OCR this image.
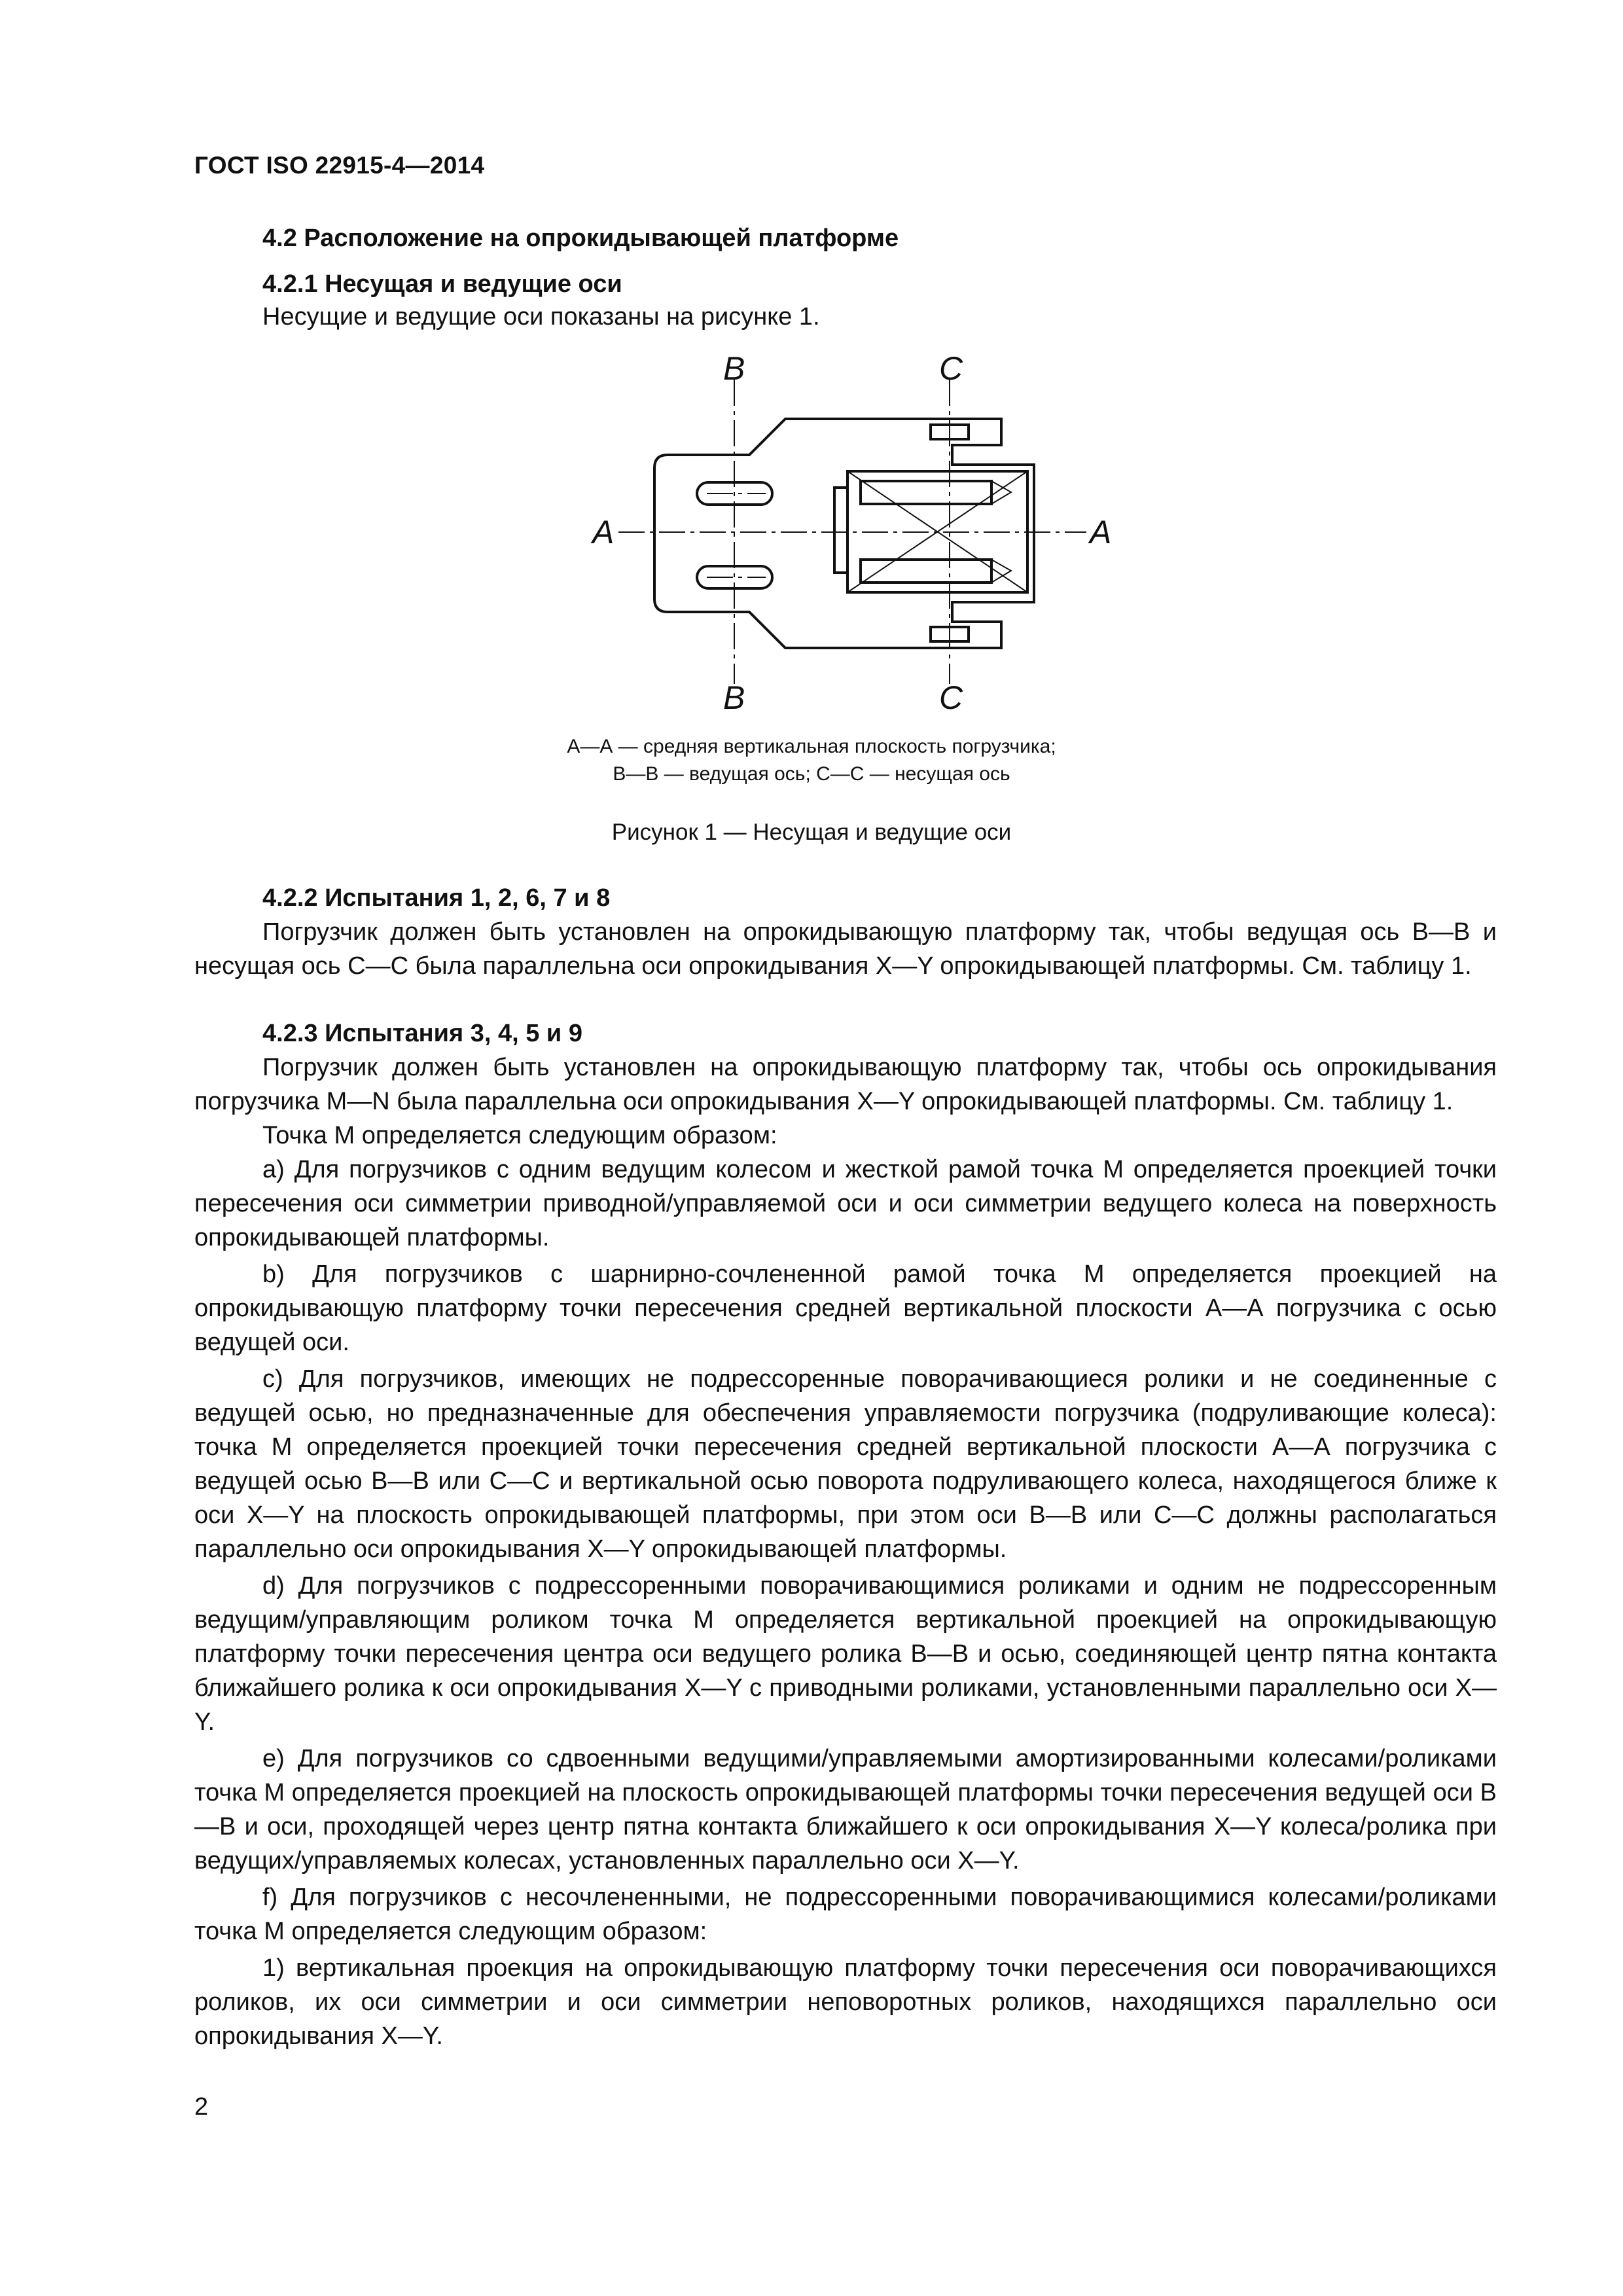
ГОСТ ISO 22915-4—2014

4.2 Расположение на опрокидывающей платформе

4.2.1 Несущая и ведущие оси

Несущие и ведущие оси показаны на рисунке 1.

B
B
C
C
A	A
А—А — средняя вертикальная плоскость погрузчика;
В—В — ведущая ось; С—С — несущая ось
Рисунок 1 — Несущая и ведущие оси

4.2.2 Испытания 1, 2, 6, 7 и 8

Погрузчик должен быть установлен на опрокидывающую платформу так, чтобы ведущая ось В—В и несущая ось С—С была параллельна оси опрокидывания Х—Y опрокидывающей платформы. См. таблицу 1.

4.2.3 Испытания 3, 4, 5 и 9

Погрузчик должен быть установлен на опрокидывающую платформу так, чтобы ось опрокидывания погрузчика М—N была параллельна оси опрокидывания Х—Y опрокидывающей платформы. См. таблицу 1.

Точка М определяется следующим образом:

a) Для погрузчиков с одним ведущим колесом и жесткой рамой точка М определяется проекцией точки пересечения оси симметрии приводной/управляемой оси и оси симметрии ведущего колеса на поверхность опрокидывающей платформы.

b) Для погрузчиков с шарнирно-сочлененной рамой точка М определяется проекцией на опрокидывающую платформу точки пересечения средней вертикальной плоскости А—А погрузчика с осью ведущей оси.

c) Для погрузчиков, имеющих не подрессоренные поворачивающиеся ролики и не соединенные с ведущей осью, но предназначенные для обеспечения управляемости погрузчика (подруливающие колеса): точка М определяется проекцией точки пересечения средней вертикальной плоскости А—А погрузчика с ведущей осью В—В или С—С и вертикальной осью поворота подруливающего колеса, находящегося ближе к оси Х—Y на плоскость опрокидывающей платформы, при этом оси В—В или С—С должны располагаться параллельно оси опрокидывания Х—Y опрокидывающей платформы.

d) Для погрузчиков с подрессоренными поворачивающимися роликами и одним не подрессоренным ведущим/управляющим роликом точка М определяется вертикальной проекцией на опрокидывающую платформу точки пересечения центра оси ведущего ролика В—В и осью, соединяющей центр пятна контакта ближайшего ролика к оси опрокидывания Х—Y с приводными роликами, установленными параллельно оси Х—Y.

e) Для погрузчиков со сдвоенными ведущими/управляемыми амортизированными колесами/роликами точка М определяется проекцией на плоскость опрокидывающей платформы точки пересечения ведущей оси В—В и оси, проходящей через центр пятна контакта ближайшего к оси опрокидывания Х—Y колеса/ролика при ведущих/управляемых колесах, установленных параллельно оси Х—Y.

f) Для погрузчиков с несочлененными, не подрессоренными поворачивающимися колесами/роликами точка М определяется следующим образом:

1) вертикальная проекция на опрокидывающую платформу точки пересечения оси поворачивающихся роликов, их оси симметрии и оси симметрии неповоротных роликов, находящихся параллельно оси опрокидывания Х—Y.

2
